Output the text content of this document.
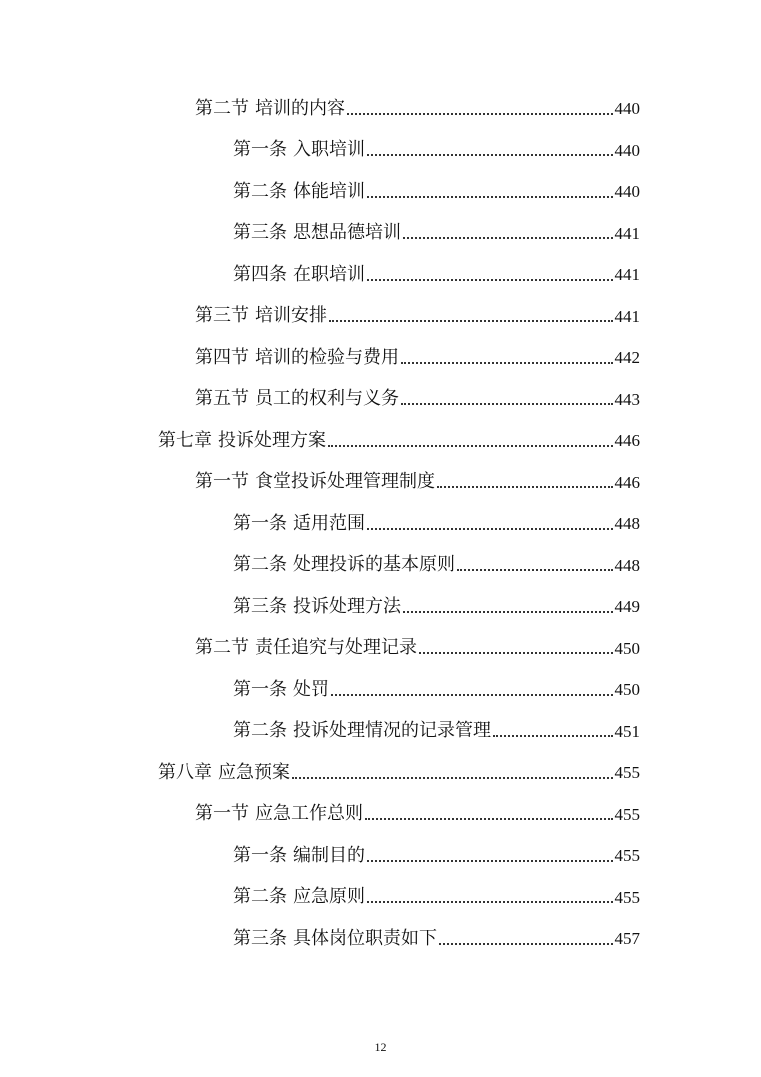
第二节 培训的内容	440
第一条 入职培训	440
第二条 体能培训	440
第三条 思想品德培训	441
第四条 在职培训	441
第三节 培训安排	441
第四节 培训的检验与费用	442
第五节 员工的权利与义务	443
第七章 投诉处理方案	446
第一节 食堂投诉处理管理制度	446
第一条 适用范围	448
第二条 处理投诉的基本原则	448
第三条 投诉处理方法	449
第二节 责任追究与处理记录	450
第一条 处罚	450
第二条 投诉处理情况的记录管理	451
第八章 应急预案	455
第一节 应急工作总则	455
第一条 编制目的	455
第二条 应急原则	455
第三条 具体岗位职责如下	457
12
